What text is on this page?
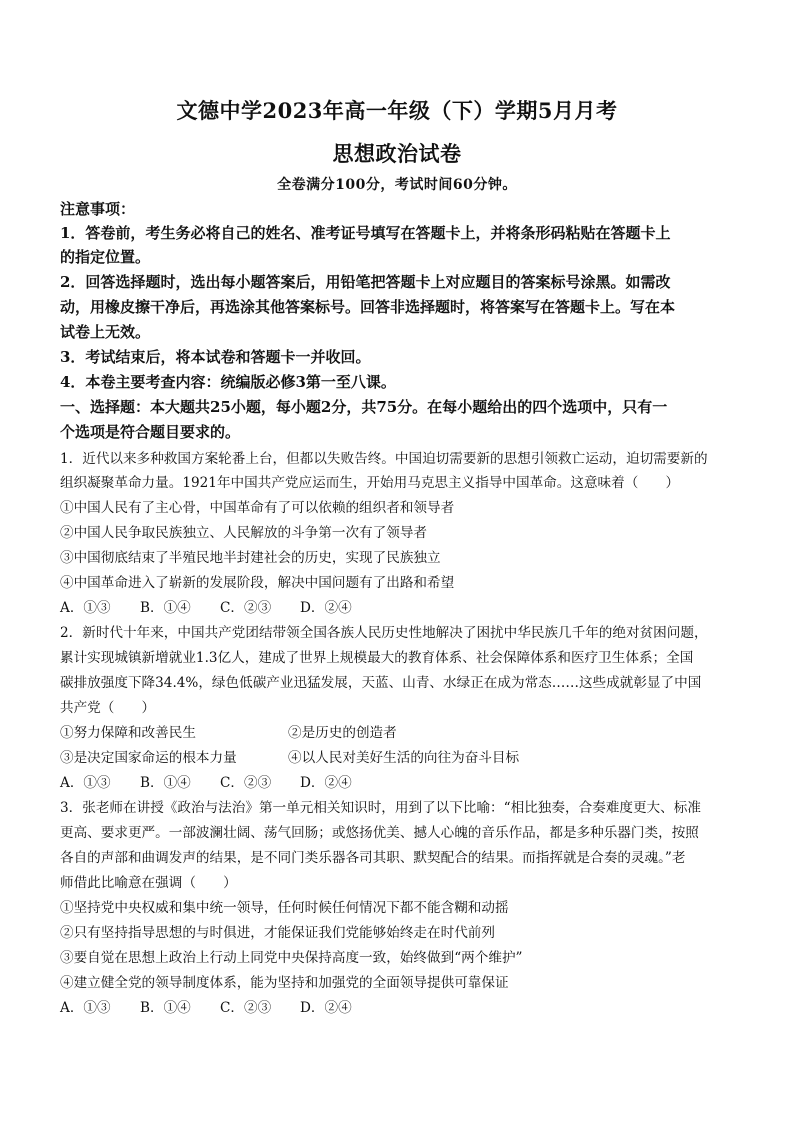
文德中学2023年高一年级（下）学期5月月考
思想政治试卷
全卷满分100分，考试时间60分钟。
注意事项：
1．答卷前，考生务必将自己的姓名、准考证号填写在答题卡上，并将条形码粘贴在答题卡上
的指定位置。
2．回答选择题时，选出每小题答案后，用铅笔把答题卡上对应题目的答案标号涂黑。如需改
动，用橡皮擦干净后，再选涂其他答案标号。回答非选择题时，将答案写在答题卡上。写在本
试卷上无效。
3．考试结束后，将本试卷和答题卡一并收回。
4．本卷主要考查内容：统编版必修3第一至八课。
一、选择题：本大题共25小题，每小题2分，共75分。在每小题给出的四个选项中，只有一
个选项是符合题目要求的。
1．近代以来多种救国方案轮番上台，但都以失败告终。中国迫切需要新的思想引领救亡运动，迫切需要新的
组织凝聚革命力量。1921年中国共产党应运而生，开始用马克思主义指导中国革命。这意味着（　　）
①中国人民有了主心骨，中国革命有了可以依赖的组织者和领导者
②中国人民争取民族独立、人民解放的斗争第一次有了领导者
③中国彻底结束了半殖民地半封建社会的历史，实现了民族独立
④中国革命进入了崭新的发展阶段，解决中国问题有了出路和希望
A．①③ B．①④ C．②③ D．②④
2．新时代十年来，中国共产党团结带领全国各族人民历史性地解决了困扰中华民族几千年的绝对贫困问题，
累计实现城镇新增就业1.3亿人，建成了世界上规模最大的教育体系、社会保障体系和医疗卫生体系；全国
碳排放强度下降34.4%，绿色低碳产业迅猛发展，天蓝、山青、水绿正在成为常态……这些成就彰显了中国
共产党（　　）
①努力保障和改善民生	②是历史的创造者
③是决定国家命运的根本力量	④以人民对美好生活的向往为奋斗目标
A．①③ B．①④ C．②③ D．②④
3．张老师在讲授《政治与法治》第一单元相关知识时，用到了以下比喻：“相比独奏，合奏难度更大、标准
更高、要求更严。一部波澜壮阔、荡气回肠；或悠扬优美、撼人心魄的音乐作品，都是多种乐器门类，按照
各自的声部和曲调发声的结果，是不同门类乐器各司其职、默契配合的结果。而指挥就是合奏的灵魂。”老
师借此比喻意在强调（　　）
①坚持党中央权威和集中统一领导，任何时候任何情况下都不能含糊和动摇
②只有坚持指导思想的与时俱进，才能保证我们党能够始终走在时代前列
③要自觉在思想上政治上行动上同党中央保持高度一致，始终做到“两个维护”
④建立健全党的领导制度体系，能为坚持和加强党的全面领导提供可靠保证
A．①③ B．①④ C．②③ D．②④
